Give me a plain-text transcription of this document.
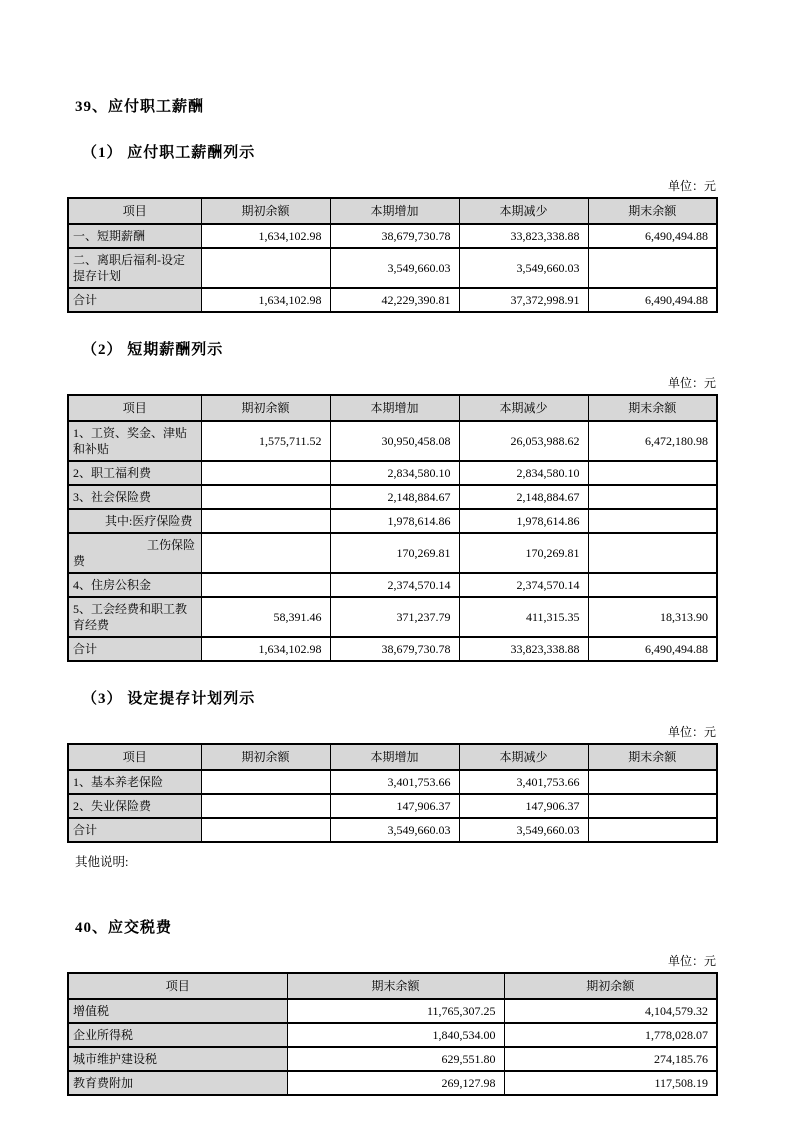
39、应付职工薪酬
（1） 应付职工薪酬列示
单位：元
项目	期初余额	本期增加	本期减少	期末余额
一、短期薪酬	1,634,102.98	38,679,730.78	33,823,338.88	6,490,494.88
二、离职后福利-设定提存计划		3,549,660.03	3,549,660.03	
合计	1,634,102.98	42,229,390.81	37,372,998.91	6,490,494.88
（2） 短期薪酬列示
单位：元
项目	期初余额	本期增加	本期减少	期末余额
1、工资、奖金、津贴和补贴	1,575,711.52	30,950,458.08	26,053,988.62	6,472,180.98
2、职工福利费		2,834,580.10	2,834,580.10	
3、社会保险费		2,148,884.67	2,148,884.67	
其中:医疗保险费		1,978,614.86	1,978,614.86	
工伤保险费		170,269.81	170,269.81	
4、住房公积金		2,374,570.14	2,374,570.14	
5、工会经费和职工教育经费	58,391.46	371,237.79	411,315.35	18,313.90
合计	1,634,102.98	38,679,730.78	33,823,338.88	6,490,494.88
（3） 设定提存计划列示
单位：元
项目	期初余额	本期增加	本期减少	期末余额
1、基本养老保险		3,401,753.66	3,401,753.66	
2、失业保险费		147,906.37	147,906.37	
合计		3,549,660.03	3,549,660.03	
其他说明:
40、应交税费
单位：元
项目	期末余额	期初余额
增值税	11,765,307.25	4,104,579.32
企业所得税	1,840,534.00	1,778,028.07
城市维护建设税	629,551.80	274,185.76
教育费附加	269,127.98	117,508.19
